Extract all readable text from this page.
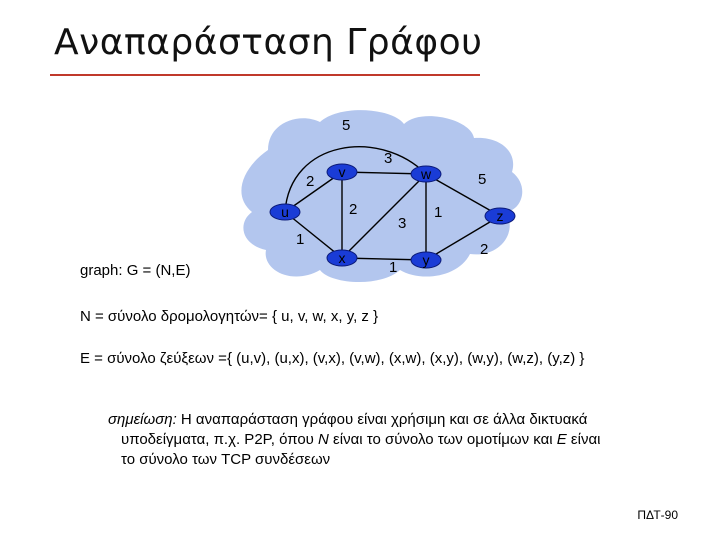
Αναπαράσταση Γράφου
2
1
5
2
3
3
1
1
5
2
u
v	w
x	y
z
graph: G = (N,E)
N = σύνολο δρομολογητών= { u, v, w, x, y, z }
E = σύνολο ζεύξεων ={ (u,v), (u,x), (v,x), (v,w), (x,w), (x,y), (w,y), (w,z), (y,z) }
σημείωση: Η αναπαράσταση γράφου είναι χρήσιμη και σε άλλα δικτυακά
υποδείγματα, π.χ. P2P, όπου N είναι το σύνολο των ομοτίμων και E είναι
το σύνολο των TCP συνδέσεων
ΠΔΤ-90
